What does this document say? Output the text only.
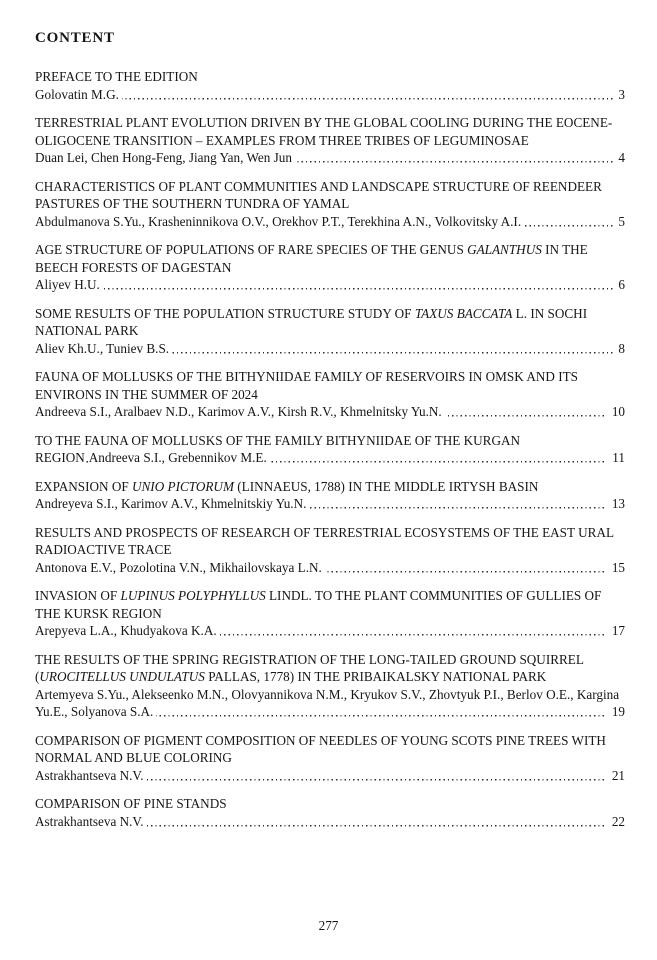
CONTENT
PREFACE TO THE EDITION
Golovatin M.G.	3
TERRESTRIAL PLANT EVOLUTION DRIVEN BY THE GLOBAL COOLING DURING THE EOCENE-OLIGOCENE TRANSITION – EXAMPLES FROM THREE TRIBES OF LEGUMINOSAE
Duan Lei, Chen Hong-Feng, Jiang Yan, Wen Jun	4
CHARACTERISTICS OF PLANT COMMUNITIES AND LANDSCAPE STRUCTURE OF REENDEER PASTURES OF THE SOUTHERN TUNDRA OF YAMAL
Abdulmanova S.Yu., Krasheninnikova O.V., Orekhov P.T., Terekhina A.N., Volkovitsky A.I.	5
AGE STRUCTURE OF POPULATIONS OF RARE SPECIES OF THE GENUS GALANTHUS IN THE BEECH FORESTS OF DAGESTAN
Aliyev H.U.	6
SOME RESULTS OF THE POPULATION STRUCTURE STUDY OF TAXUS BACCATA L. IN SOCHI NATIONAL PARK
Aliev Kh.U., Tuniev B.S.	8
FAUNA OF MOLLUSKS OF THE BITHYNIIDAE FAMILY OF RESERVOIRS IN OMSK AND ITS ENVIRONS IN THE SUMMER OF 2024
Andreeva S.I., Aralbaev N.D., Karimov A.V., Kirsh R.V., Khmelnitsky Yu.N.	10
TO THE FAUNA OF MOLLUSKS OF THE FAMILY BITHYNIIDAE OF THE KURGAN REGION Andreeva S.I., Grebennikov M.E.	11
EXPANSION OF UNIO PICTORUM (LINNAEUS, 1788) IN THE MIDDLE IRTYSH BASIN
Andreyeva S.I., Karimov A.V., Khmelnitskiy Yu.N.	13
RESULTS AND PROSPECTS OF RESEARCH OF TERRESTRIAL ECOSYSTEMS OF THE EAST URAL RADIOACTIVE TRACE
Antonova E.V., Pozolotina V.N., Mikhailovskaya L.N.	15
INVASION OF LUPINUS POLYPHYLLUS LINDL. TO THE PLANT COMMUNITIES OF GULLIES OF THE KURSK REGION
Arepyeva L.A., Khudyakova K.A.	17
THE RESULTS OF THE SPRING REGISTRATION OF THE LONG-TAILED GROUND SQUIRREL (UROCITELLUS UNDULATUS PALLAS, 1778) IN THE PRIBAIKALSKY NATIONAL PARK
Artemyeva S.Yu., Alekseenko M.N., Olovyannikova N.M., Kryukov S.V., Zhovtyuk P.I., Berlov O.E., Kargina Yu.E., Solyanova S.A.	19
COMPARISON OF PIGMENT COMPOSITION OF NEEDLES OF YOUNG SCOTS PINE TREES WITH NORMAL AND BLUE COLORING
Astrakhantseva N.V.	21
COMPARISON OF PINE STANDS
Astrakhantseva N.V.	22
277
